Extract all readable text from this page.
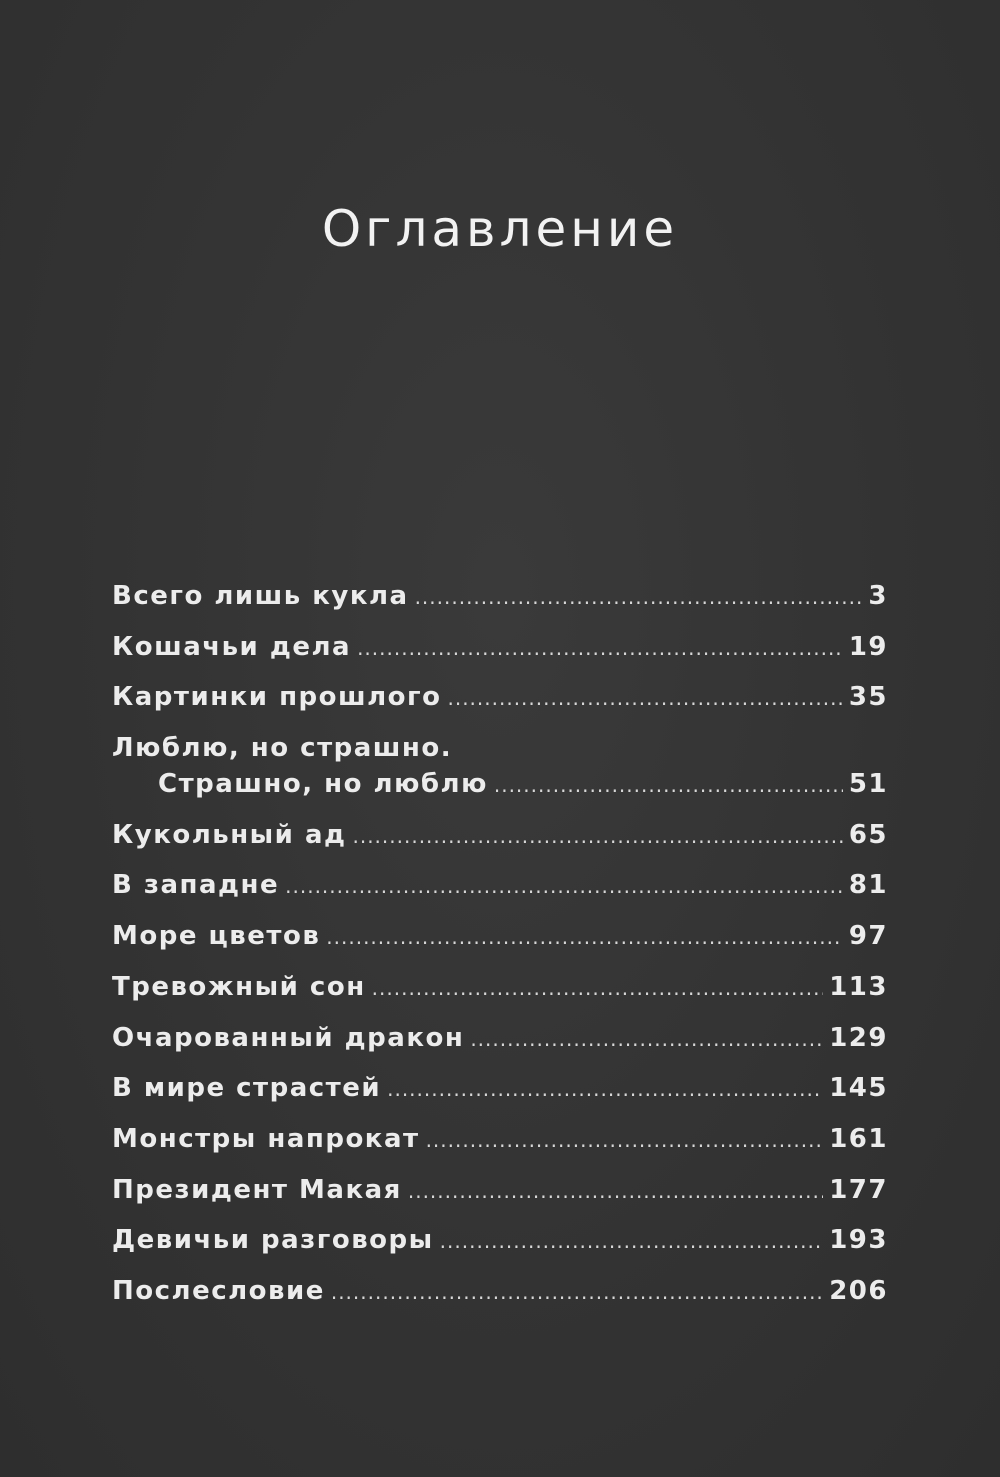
Оглавление
Всего лишь кукла .....	3
Кошачьи дела .....	19
Картинки прошлого .....	35
Люблю, но страшно.
Страшно, но люблю .....	51
Кукольный ад .....	65
В западне .....	81
Море цветов .....	97
Тревожный сон .....	113
Очарованный дракон .....	129
В мире страстей .....	145
Монстры напрокат .....	161
Президент Макая .....	177
Девичьи разговоры .....	193
Послесловие .....	206
